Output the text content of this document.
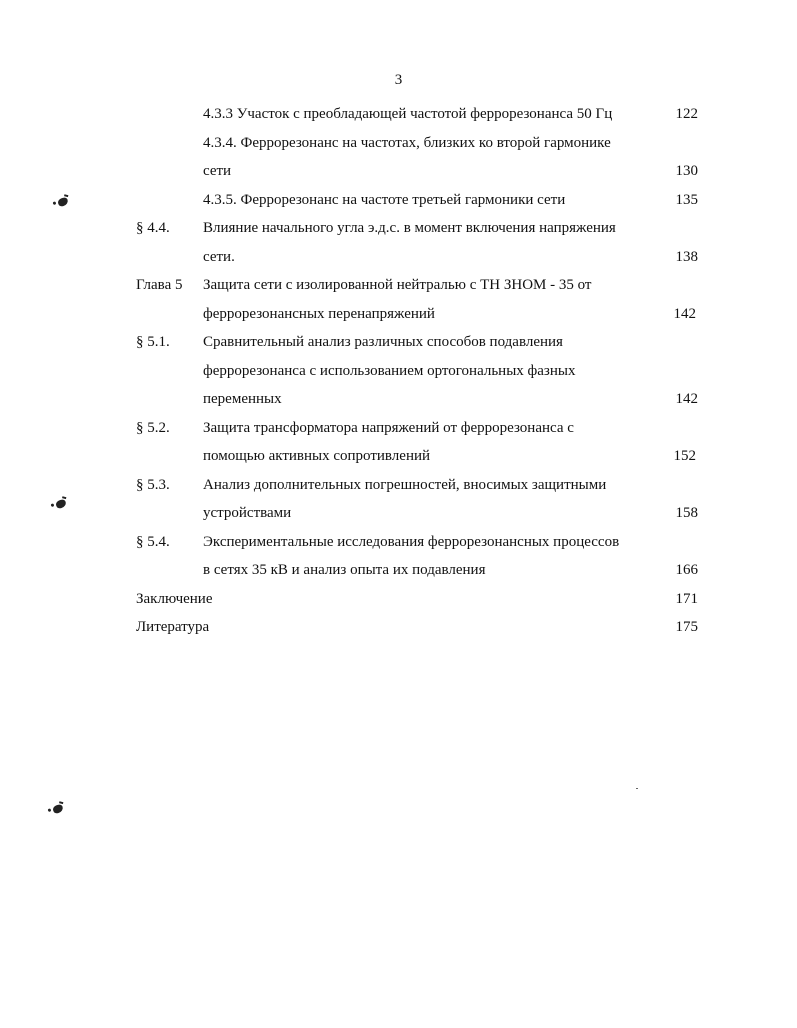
3
4.3.3 Участок с преобладающей частотой феррорезонанса 50 Гц	122
4.3.4. Феррорезонанс на частотах, близких ко второй гармонике
сети	130
4.3.5. Феррорезонанс на частоте третьей гармоники сети	135
§ 4.4. Влияние начального угла э.д.с. в момент включения напряжения
сети.	138
Глава 5 Защита сети с изолированной нейтралью с ТН ЗНОМ - 35 от
феррорезонансных перенапряжений	142
§ 5.1. Сравнительный анализ различных способов подавления
феррорезонанса с использованием ортогональных фазных
переменных	142
§ 5.2. Защита трансформатора напряжений от феррорезонанса с
помощью активных сопротивлений	152
§ 5.3. Анализ дополнительных погрешностей, вносимых защитными
устройствами	158
§ 5.4. Экспериментальные исследования феррорезонансных процессов
в сетях 35 кВ и анализ опыта их подавления	166
Заключение	171
Литература	175
